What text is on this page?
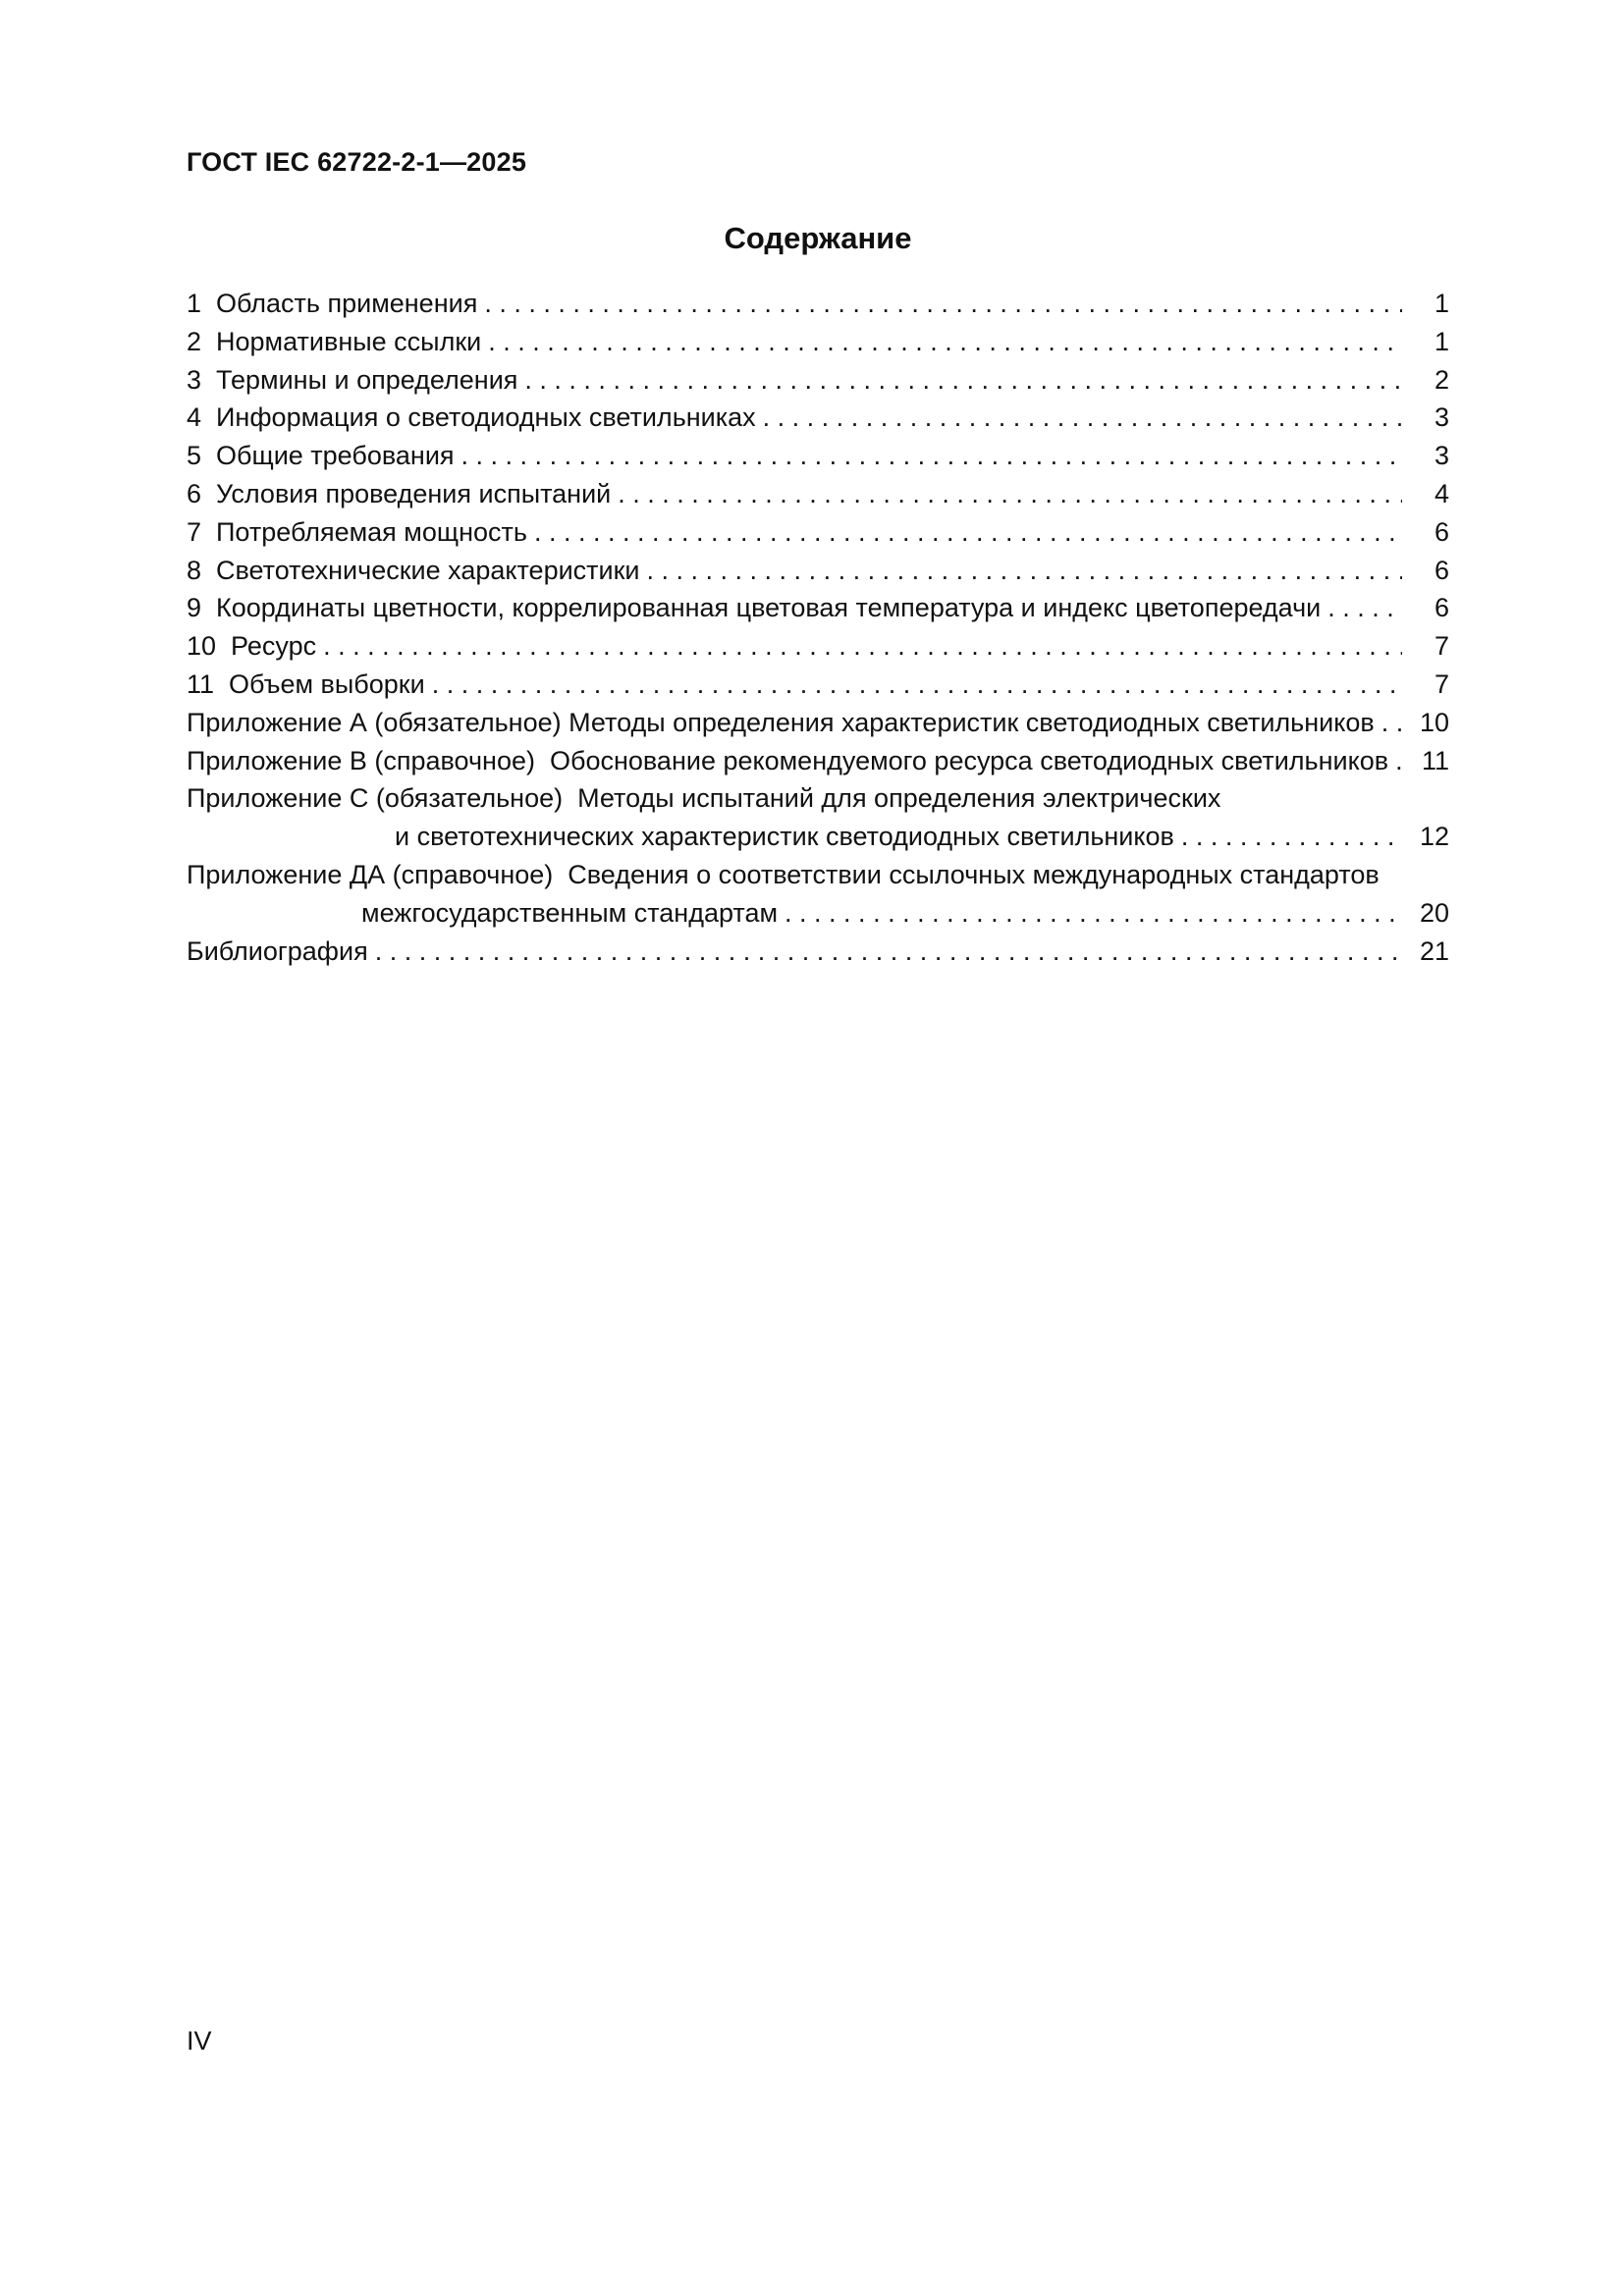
ГОСТ IEC 62722-2-1—2025
Содержание
1  Область применения . . .	1
2  Нормативные ссылки . . .	1
3  Термины и определения . . .	2
4  Информация о светодиодных светильниках . . .	3
5  Общие требования . . .	3
6  Условия проведения испытаний . . .	4
7  Потребляемая мощность . . .	6
8  Светотехнические характеристики . . .	6
9  Координаты цветности, коррелированная цветовая температура и индекс цветопередачи . . .	6
10  Ресурс . . .	7
11  Объем выборки . . .	7
Приложение А (обязательное) Методы определения характеристик светодиодных светильников . . .	10
Приложение В (справочное)  Обоснование рекомендуемого ресурса светодиодных светильников . . .	11
Приложение С (обязательное)  Методы испытаний для определения электрических
и светотехнических характеристик светодиодных светильников . . .	12
Приложение ДА (справочное)  Сведения о соответствии ссылочных международных стандартов
межгосударственным стандартам . . .	20
Библиография . . .	21
IV
